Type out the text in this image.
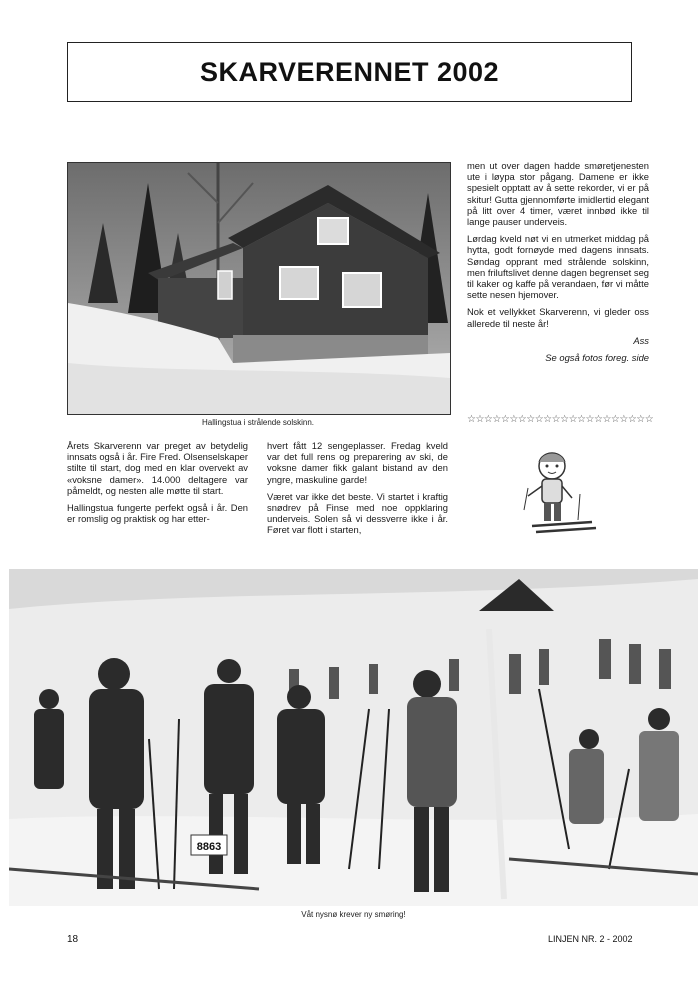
SKARVERENNET 2002
Hallingstua i strålende solskinn.

men ut over dagen hadde smøretjenesten ute i løypa stor pågang. Damene er ikke spesielt opptatt av å sette rekorder, vi er på skitur! Gutta gjennomførte imidlertid elegant på litt over 4 timer, været innbød ikke til lange pauser underveis.

Lørdag kveld nøt vi en utmerket middag på hytta, godt fornøyde med dagens innsats. Søndag opprant med strålende solskinn, men friluftslivet denne dagen begrenset seg til kaker og kaffe på verandaen, før vi måtte sette nesen hjemover.

Nok et vellykket Skarverenn, vi gleder oss allerede til neste år!

Ass
Se også fotos foreg. side
☆☆☆☆☆☆☆☆☆☆☆☆☆☆☆☆☆☆☆☆☆☆

Årets Skarverenn var preget av betydelig innsats også i år. Fire Fred. Olsenselskaper stilte til start, dog med en klar overvekt av «voksne damer». 14.000 deltagere var påmeldt, og nesten alle møtte til start.

Hallingstua fungerte perfekt også i år. Den er romslig og praktisk og har etter-

hvert fått 12 sengeplasser. Fredag kveld var det full rens og preparering av ski, de voksne damer fikk galant bistand av den yngre, maskuline garde!

Været var ikke det beste. Vi startet i kraftig snødrev på Finse med noe oppklaring underveis. Solen så vi dessverre ikke i år. Føret var flott i starten,

8863
Våt nysnø krever ny smøring!
18	LINJEN NR. 2 - 2002
